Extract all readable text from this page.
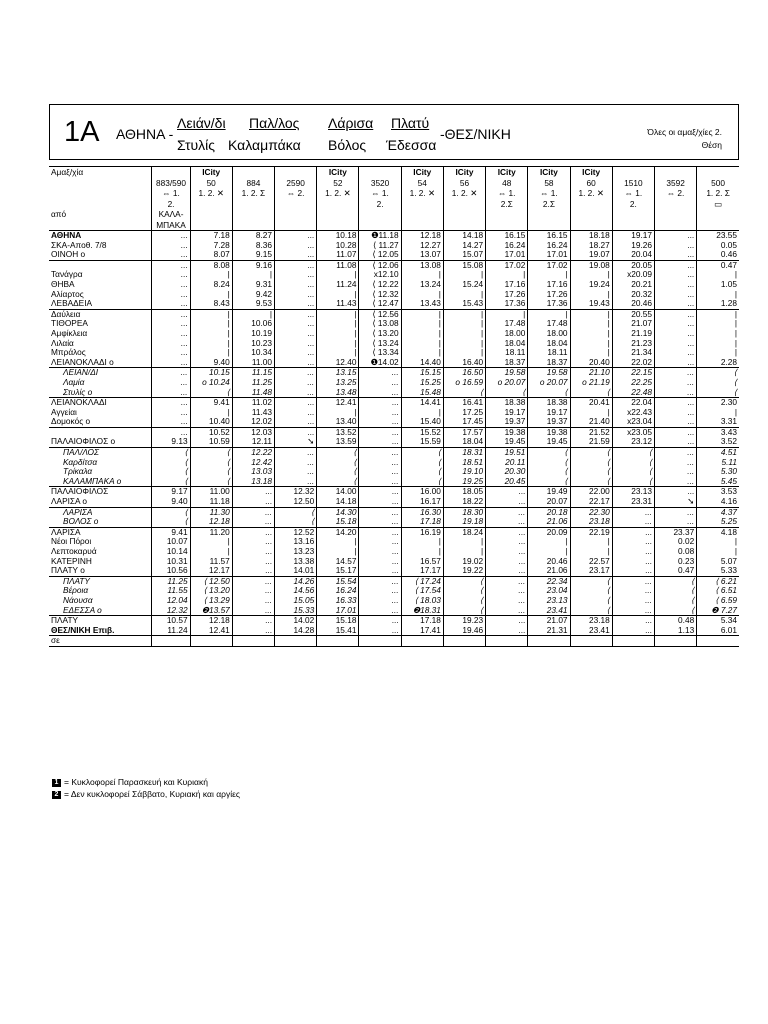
1A ΑΘΗΝΑ -
Λειάν/δι
Στυλίς
Παλ/λος
Καλαμπάκα
Λάρισα
Βόλος
Πλατύ
Έδεσσα
-ΘΕΣ/ΝΙΚΗ	Όλες οι αμαξ/χίες 2.
Θέση
Αμαξ/χία		ICity			ICity		ICity	ICity	ICity	ICity	ICity			
	883/590	50	884	2590	52	3520	54	56	48	58	60	1510	3592	500
	⇔ 1.	1. 2. ✕	1. 2. Σ	⇔ 2.	1. 2. ✕	⇔ 1.	1. 2. ✕	1. 2. ✕	⇔ 1.	⇔ 1.	1. 2. ✕	⇔ 1.	⇔ 2.	1. 2. Σ
	2.					2.			2.Σ	2.Σ		2.		▭
από	ΚΑΛΑ-													
	ΜΠΑΚΑ													
ΑΘΗΝΑ	...	7.18	8.27	...	10.18	❶11.18	12.18	14.18	16.15	16.15	18.18	19.17	...	23.55
ΣΚΑ-Αποθ. 7/8	...	7.28	8.36	...	10.28	⟨ 11.27	12.27	14.27	16.24	16.24	18.27	19.26	...	0.05
ΟΙΝΟΗ ο	...	8.07	9.15	...	11.07	⟨ 12.05	13.07	15.07	17.01	17.01	19.07	20.04	...	0.46
	...	8.08	9.16	...	11.08	⟨ 12.06	13.08	15.08	17.02	17.02	19.08	20.05	...	0.47
Τανάγρα	...	|	|	...	|	x12.10	|	|	|	|	|	x20.09	...	|
ΘΗΒΑ	...	8.24	9.31	...	11.24	⟨ 12.22	13.24	15.24	17.16	17.16	19.24	20.21	...	1.05
Αλίαρτος	...	|	9.42	...	|	⟨ 12.32	|	|	17.26	17.26	|	20.32	...	|
ΛΕΒΑΔΕΙΑ	...	8.43	9.53	...	11.43	⟨ 12.47	13.43	15.43	17.36	17.36	19.43	20.46	...	1.28
Δαύλεια	...	|	|	...	|	⟨ 12.56	|	|	|	|	|	20.55	...	|
ΤΙΘΟΡΕΑ	...	|	10.06	...	|	⟨ 13.08	|	|	17.48	17.48	|	21.07	...	|
Αμφίκλεια	...	|	10.19	...	|	⟨ 13.20	|	|	18.00	18.00	|	21.19	...	|
Λιλαία	...	|	10.23	...	|	⟨ 13.24	|	|	18.04	18.04	|	21.23	...	|
Μπράλος	...	|	10.34	...	|	⟨ 13.34	|	|	18.11	18.11	|	21.34	...	|
ΛΕΙΑΝΟΚΛΑΔΙ ο	...	9.40	11.00	...	12.40	❶14.02	14.40	16.40	18.37	18.37	20.40	22.02	...	2.28
ΛΕΙΑΝ/ΔΙ	...	10.15	11.15	...	13.15	...	15.15	16.50	19.58	19.58	21.10	22.15	...	⟨
Λαμία	...	ο 10.24	11.25	...	13.25	...	15.25	ο 16.59	ο 20.07	ο 20.07	ο 21.19	22.25	...	⟨
Στυλίς ο	...	⟨	11.48	...	13.48	...	15.48	⟨	⟨	⟨	⟨	22.48	...	⟨
ΛΕΙΑΝΟΚΛΑΔΙ	...	9.41	11.02	...	12.41	...	14.41	16.41	18.38	18.38	20.41	22.04	...	2.30
Αγγείαι	...	|	11.43	...	|	...	|	17.25	19.17	19.17	|	x22.43	...	|
Δομοκός ο	...	10.40	12.02	...	13.40	...	15.40	17.45	19.37	19.37	21.40	x23.04	...	3.31
	...	10.52	12.03	...	13.52	...	15.52	17.57	19.38	19.38	21.52	x23.05	...	3.43
ΠΑΛΑΙΟΦΙΛΟΣ ο	9.13	10.59	12.11	➘	13.59	...	15.59	18.04	19.45	19.45	21.59	23.12	...	3.52
ΠΑΛ/ΛΟΣ	⟨	⟨	12.22	...	⟨	...	⟨	18.31	19.51	⟨	⟨	⟨	...	4.51
Καρδίτσα	⟨	⟨	12.42	...	⟨	...	⟨	18.51	20.11	⟨	⟨	⟨	...	5.11
Τρίκαλα	⟨	⟨	13.03	...	⟨	...	⟨	19.10	20.30	⟨	⟨	⟨	...	5.30
ΚΑΛΑΜΠΑΚΑ ο	⟨	⟨	13.18	...	⟨	...	⟨	19.25	20.45	⟨	⟨	⟨	...	5.45
ΠΑΛΑΙΟΦΙΛΟΣ	9.17	11.00	...	12.32	14.00	...	16.00	18.05	...	19.49	22.00	23.13	...	3.53
ΛΑΡΙΣΑ ο	9.40	11.18	...	12.50	14.18	...	16.17	18.22	...	20.07	22.17	23.31	➘	4.16
ΛΑΡΙΣΑ	⟨	11.30	...	⟨	14.30	...	16.30	18.30	...	20.18	22.30	...	...	4.37
ΒΟΛΟΣ ο	⟨	12.18	...	⟨	15.18	...	17.18	19.18	...	21.06	23.18	...	...	5.25
ΛΑΡΙΣΑ	9.41	11.20	...	12.52	14.20	...	16.19	18.24	...	20.09	22.19	...	23.37	4.18
Νέοι Πόροι	10.07	|	...	13.16	|	...	|	|	...	|	|	...	0.02	|
Λεπτοκαρυά	10.14	|	...	13.23	|	...	|	|	...	|	|	...	0.08	|
ΚΑΤΕΡΙΝΗ	10.31	11.57	...	13.38	14.57	...	16.57	19.02	...	20.46	22.57	...	0.23	5.07
ΠΛΑΤΥ ο	10.56	12.17	...	14.01	15.17	...	17.17	19.22	...	21.06	23.17	...	0.47	5.33
ΠΛΑΤΥ	11.25	⟨ 12.50	...	14.26	15.54	...	⟨ 17.24	⟨	...	22.34	⟨	...	⟨	⟨ 6.21
Βέροια	11.55	⟨ 13.20	...	14.56	16.24	...	⟨ 17.54	⟨	...	23.04	⟨	...	⟨	⟨ 6.51
Νάουσα	12.04	⟨ 13.29	...	15.05	16.33	...	⟨ 18.03	⟨	...	23.13	⟨	...	⟨	⟨ 6.59
ΕΔΕΣΣΑ ο	12.32	❷13.57	...	15.33	17.01	...	❷18.31	⟨	...	23.41	⟨	...	⟨	❷ 7.27
ΠΛΑΤΥ	10.57	12.18	...	14.02	15.18	...	17.18	19.23	...	21.07	23.18	...	0.48	5.34
ΘΕΣ/ΝΙΚΗ Επιβ.	11.24	12.41	...	14.28	15.41	...	17.41	19.46	...	21.31	23.41	...	1.13	6.01
σε														

1 = Κυκλοφορεί Παρασκευή και Κυριακή
2 = Δεν κυκλοφορεί Σάββατο, Κυριακή και αργίες
